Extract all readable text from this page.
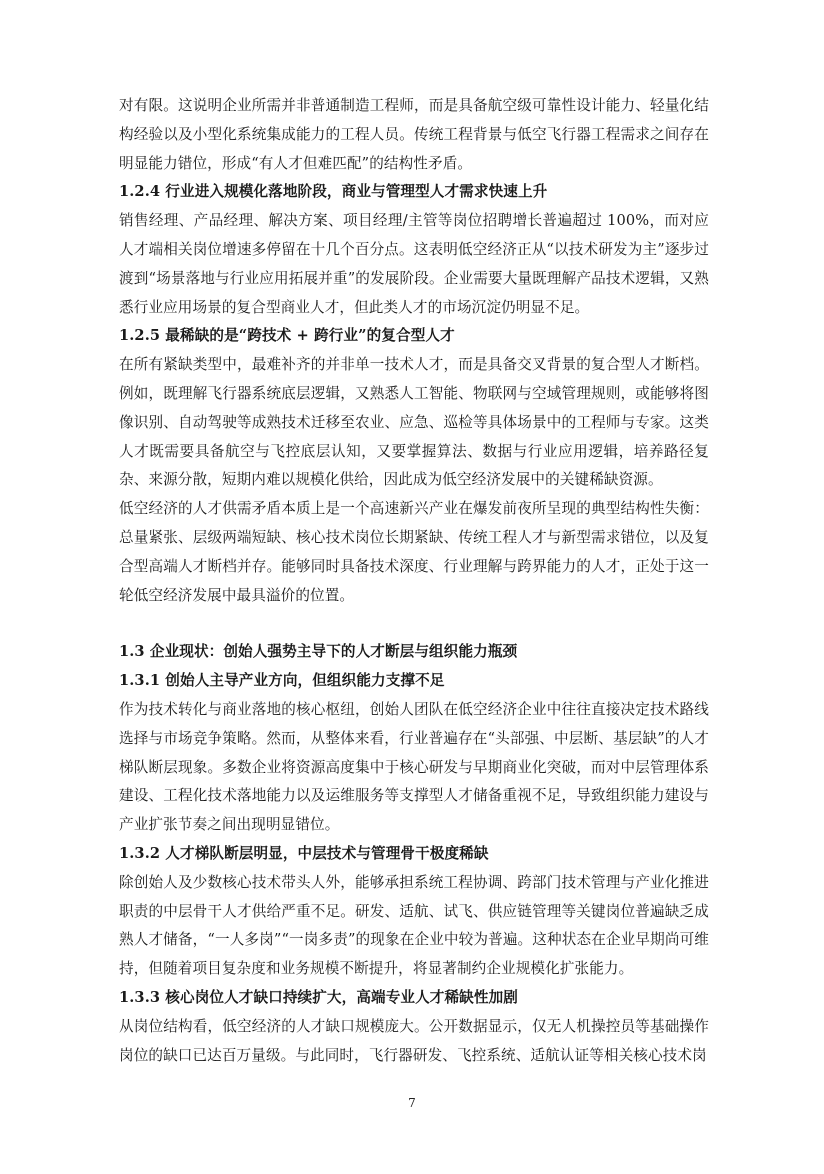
对有限。这说明企业所需并非普通制造工程师，而是具备航空级可靠性设计能力、轻量化结构经验以及小型化系统集成能力的工程人员。传统工程背景与低空飞行器工程需求之间存在明显能力错位，形成“有人才但难匹配”的结构性矛盾。

1.2.4 行业进入规模化落地阶段，商业与管理型人才需求快速上升

销售经理、产品经理、解决方案、项目经理/主管等岗位招聘增长普遍超过 100%，而对应人才端相关岗位增速多停留在十几个百分点。这表明低空经济正从“以技术研发为主”逐步过渡到“场景落地与行业应用拓展并重”的发展阶段。企业需要大量既理解产品技术逻辑，又熟悉行业应用场景的复合型商业人才，但此类人才的市场沉淀仍明显不足。

1.2.5 最稀缺的是“跨技术 + 跨行业”的复合型人才

在所有紧缺类型中，最难补齐的并非单一技术人才，而是具备交叉背景的复合型人才断档。例如，既理解飞行器系统底层逻辑，又熟悉人工智能、物联网与空域管理规则，或能够将图像识别、自动驾驶等成熟技术迁移至农业、应急、巡检等具体场景中的工程师与专家。这类人才既需要具备航空与飞控底层认知，又要掌握算法、数据与行业应用逻辑，培养路径复杂、来源分散，短期内难以规模化供给，因此成为低空经济发展中的关键稀缺资源。

低空经济的人才供需矛盾本质上是一个高速新兴产业在爆发前夜所呈现的典型结构性失衡：总量紧张、层级两端短缺、核心技术岗位长期紧缺、传统工程人才与新型需求错位，以及复合型高端人才断档并存。能够同时具备技术深度、行业理解与跨界能力的人才，正处于这一轮低空经济发展中最具溢价的位置。

1.3 企业现状：创始人强势主导下的人才断层与组织能力瓶颈

1.3.1 创始人主导产业方向，但组织能力支撑不足

作为技术转化与商业落地的核心枢纽，创始人团队在低空经济企业中往往直接决定技术路线选择与市场竞争策略。然而，从整体来看，行业普遍存在“头部强、中层断、基层缺”的人才梯队断层现象。多数企业将资源高度集中于核心研发与早期商业化突破，而对中层管理体系建设、工程化技术落地能力以及运维服务等支撑型人才储备重视不足，导致组织能力建设与产业扩张节奏之间出现明显错位。

1.3.2 人才梯队断层明显，中层技术与管理骨干极度稀缺

除创始人及少数核心技术带头人外，能够承担系统工程协调、跨部门技术管理与产业化推进职责的中层骨干人才供给严重不足。研发、适航、试飞、供应链管理等关键岗位普遍缺乏成熟人才储备，“一人多岗”“一岗多责”的现象在企业中较为普遍。这种状态在企业早期尚可维持，但随着项目复杂度和业务规模不断提升，将显著制约企业规模化扩张能力。

1.3.3 核心岗位人才缺口持续扩大，高端专业人才稀缺性加剧

从岗位结构看，低空经济的人才缺口规模庞大。公开数据显示，仅无人机操控员等基础操作岗位的缺口已达百万量级。与此同时，飞行器研发、飞控系统、适航认证等相关核心技术岗

7
